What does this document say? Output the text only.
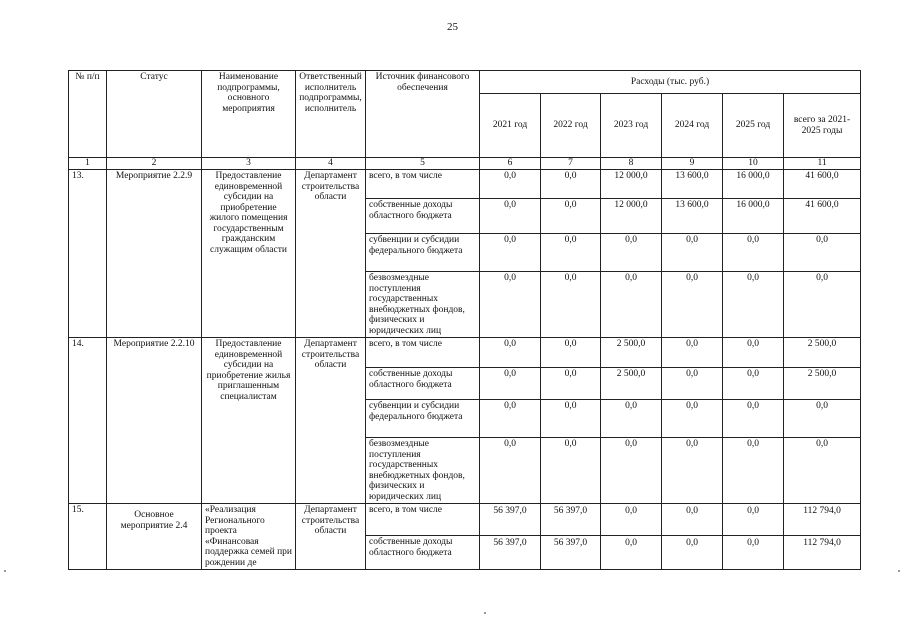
25
№ п/п	Статус	Наименование подпрограммы, основного мероприятия	Ответственный исполнитель подпрограммы, исполнитель	Источник финансового обеспечения	Расходы (тыс. руб.)					
					2021 год	2022 год	2023 год	2024 год	2025 год	всего за 2021-2025 годы
1	2	3	4	5	6	7	8	9	10	11
13.	Мероприятие 2.2.9	Предоставление единовременной субсидии на приобретение жилого помещения государственным гражданским служащим области	Департамент строительства области	всего, в том числе	0,0	0,0	12 000,0	13 600,0	16 000,0	41 600,0
				собственные доходы областного бюджета	0,0	0,0	12 000,0	13 600,0	16 000,0	41 600,0
				субвенции и субсидии федерального бюджета	0,0	0,0	0,0	0,0	0,0	0,0
				безвозмездные поступления государственных внебюджетных фондов, физических и юридических лиц	0,0	0,0	0,0	0,0	0,0	0,0
14.	Мероприятие 2.2.10	Предоставление единовременной субсидии на приобретение жилья приглашенным специалистам	Департамент строительства области	всего, в том числе	0,0	0,0	2 500,0	0,0	0,0	2 500,0
				собственные доходы областного бюджета	0,0	0,0	2 500,0	0,0	0,0	2 500,0
				субвенции и субсидии федерального бюджета	0,0	0,0	0,0	0,0	0,0	0,0
				безвозмездные поступления государственных внебюджетных фондов, физических и юридических лиц	0,0	0,0	0,0	0,0	0,0	0,0
15.	Основное мероприятие 2.4	«Реализация Регионального проекта «Финансовая поддержка семей при рождении де	Департамент строительства области	всего, в том числе	56 397,0	56 397,0	0,0	0,0	0,0	112 794,0
				собственные доходы областного бюджета	56 397,0	56 397,0	0,0	0,0	0,0	112 794,0
